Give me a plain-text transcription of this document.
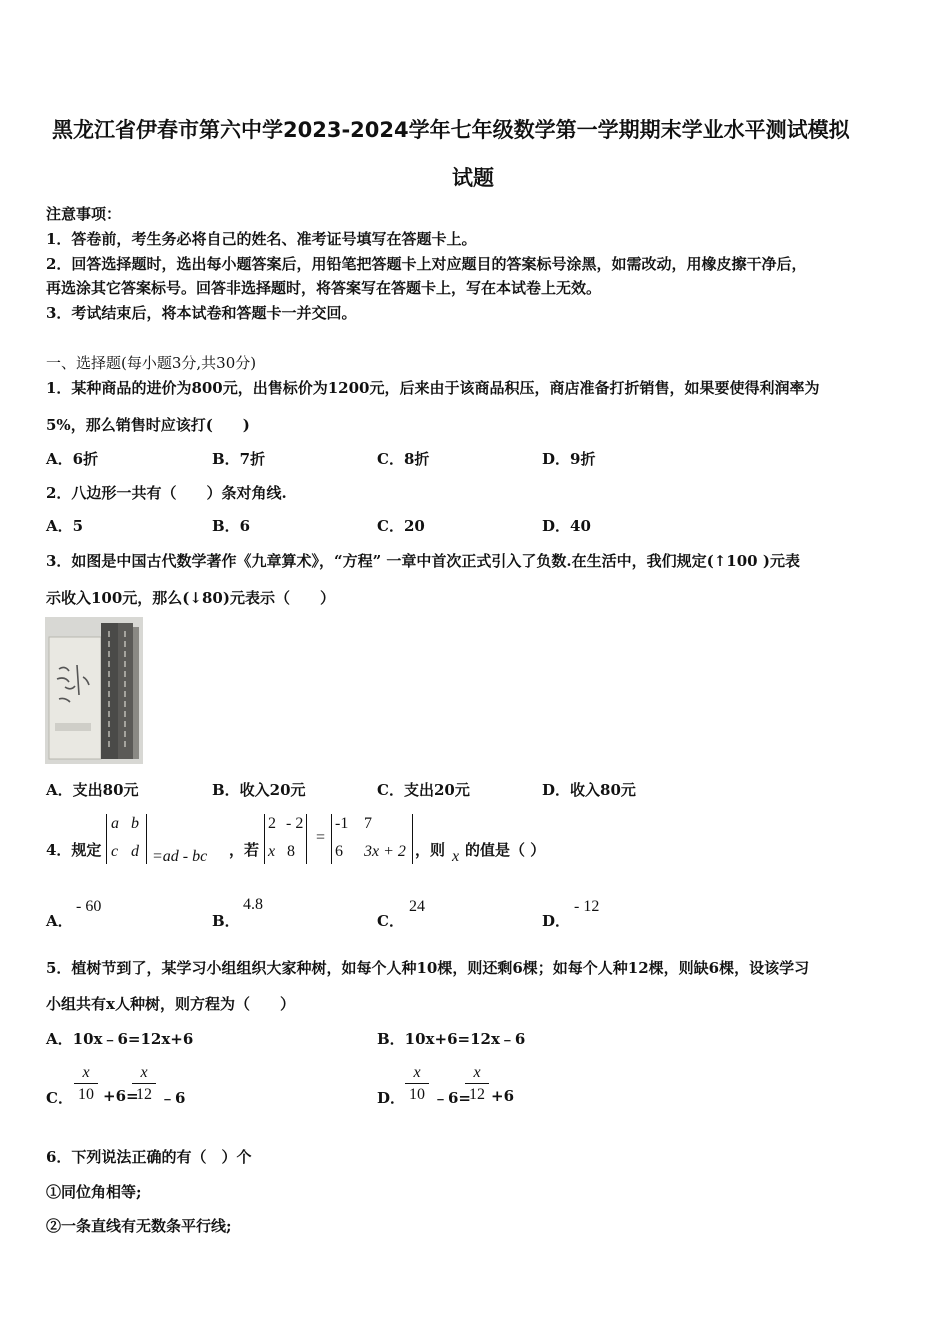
黑龙江省伊春市第六中学2023-2024学年七年级数学第一学期期末学业水平测试模拟
试题
注意事项：
1．答卷前，考生务必将自己的姓名、准考证号填写在答题卡上。
2．回答选择题时，选出每小题答案后，用铅笔把答题卡上对应题目的答案标号涂黑，如需改动，用橡皮擦干净后，
再选涂其它答案标号。回答非选择题时，将答案写在答题卡上，写在本试卷上无效。
3．考试结束后，将本试卷和答题卡一并交回。
一、选择题(每小题3分,共30分)
1．某种商品的进价为800元，出售标价为1200元，后来由于该商品积压，商店准备打折销售，如果要使得利润率为
5%，那么销售时应该打(　　)
A．6折	B．7折	C．8折	D．9折
2．八边形一共有（　　）条对角线.
A．5	B．6	C．20	D．40
3．如图是中国古代数学著作《九章算术》，“方程” 一章中首次正式引入了负数.在生活中，我们规定(↑100 )元表
示收入100元，那么(↓80)元表示（　　）
A．支出80元	B．收入20元	C．支出20元	D．收入80元
4．规定
a b
c d =ad - bc ，若
2 - 2
x 8
=
-1 7
6 3x + 2 ，则 x 的值是（ ）
A．
- 60
B．
4.8
C．
24
D．
- 12
5．植树节到了，某学习小组组织大家种树，如每个人种10棵，则还剩6棵；如每个人种12棵，则缺6棵，设该学习
小组共有x人种树，则方程为（　　）
A．10x﹣6=12x+6	B．10x+6=12x﹣6
C．
x
10 +6=
x
12 ﹣6	D．
x
10 ﹣6=
x
12 +6
6．下列说法正确的有（　）个
①同位角相等;
②一条直线有无数条平行线;
